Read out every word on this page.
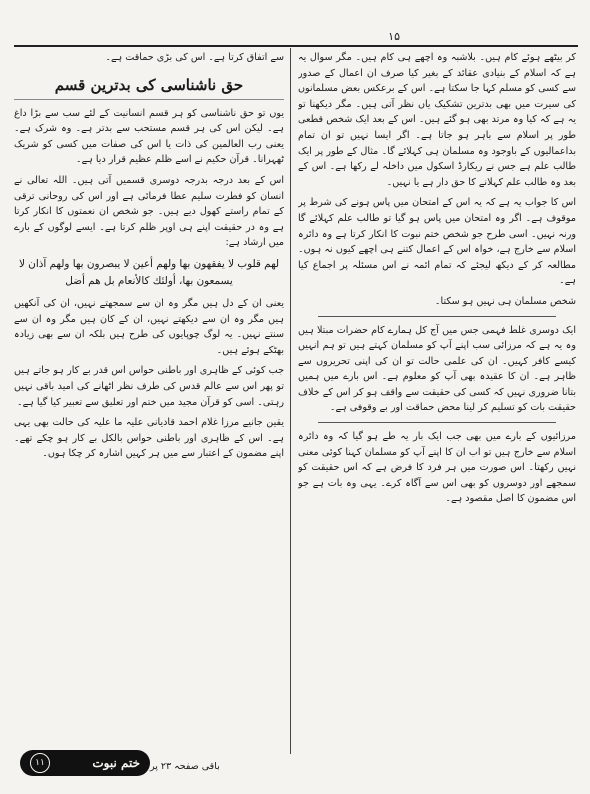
۱۵

کر بیٹھے ہوئے کام ہیں۔ بلاشبہ وہ اچھے ہی کام ہیں۔ مگر سوال یہ ہے کہ اسلام کے بنیادی عقائد کے بغیر کیا صرف ان اعمال کے صدور سے کسی کو مسلم کہا جا سکتا ہے۔ اس کے برعکس بعض مسلمانوں کی سیرت میں بھی بدترین تشکیک یاں نظر آتی ہیں۔ مگر دیکھنا تو یہ ہے کہ کیا وہ مرتد بھی ہو گئے ہیں۔ اس کے بعد ایک شخص قطعی طور پر اسلام سے باہر ہو جاتا ہے۔ اگر ایسا نہیں تو ان تمام بداعمالیوں کے باوجود وہ مسلمان ہی کہلائے گا۔ مثال کے طور پر ایک طالب علم ہے جس نے ریکارڈ اسکول میں داخلہ لے رکھا ہے۔ اس کے بعد وہ طالب علم کہلانے کا حق دار ہے یا نہیں۔

اس کا جواب یہ ہے کہ یہ اس کے امتحان میں پاس ہونے کی شرط پر موقوف ہے۔ اگر وہ امتحان میں پاس ہو گیا تو طالب علم کہلائے گا ورنہ نہیں۔ اسی طرح جو شخص ختم نبوت کا انکار کرتا ہے وہ دائرہ اسلام سے خارج ہے، خواہ اس کے اعمال کتنے ہی اچھے کیوں نہ ہوں۔ مطالعہ کر کے دیکھ لیجئے کہ تمام ائمہ نے اس مسئلہ پر اجماع کیا ہے۔

شخص مسلمان ہی نہیں ہو سکتا۔

ایک دوسری غلط فہمی جس میں آج کل ہمارے کام حضرات مبتلا ہیں وہ یہ ہے کہ مرزائی سب اپنے آپ کو مسلمان کہتے ہیں تو ہم انہیں کیسے کافر کہیں۔ ان کی علمی حالت تو ان کی اپنی تحریروں سے ظاہر ہے۔ ان کا عقیدہ بھی آپ کو معلوم ہے۔ اس بارے میں ہمیں بتانا ضروری نہیں کہ کسی کی حقیقت سے واقف ہو کر اس کے خلاف حقیقت بات کو تسلیم کر لینا محض حماقت اور بے وقوفی ہے۔

مرزائیوں کے بارے میں بھی جب ایک بار یہ طے ہو گیا کہ وہ دائرہ اسلام سے خارج ہیں تو اب ان کا اپنے آپ کو مسلمان کہنا کوئی معنی نہیں رکھتا۔ اس صورت میں ہر فرد کا فرض ہے کہ اس حقیقت کو سمجھے اور دوسروں کو بھی اس سے آگاہ کرے۔ یہی وہ بات ہے جو اس مضمون کا اصل مقصود ہے۔

سے اتفاق کرتا ہے۔ اس کی بڑی حماقت ہے۔

حق ناشناسی کی بدترین قسم

یوں تو حق ناشناسی کو ہر قسم انسانیت کے لئے سب سے بڑا داغ ہے۔ لیکن اس کی ہر قسم مستحب سے بدتر ہے۔ وہ شرک ہے۔ یعنی رب العالمین کی ذات یا اس کی صفات میں کسی کو شریک ٹھہرانا۔ قرآن حکیم نے اسے ظلم عظیم قرار دیا ہے۔

اس کے بعد درجہ بدرجہ دوسری قسمیں آتی ہیں۔ اللہ تعالی نے انسان کو فطرت سلیم عطا فرمائی ہے اور اس کی روحانی ترقی کے تمام راستے کھول دیے ہیں۔ جو شخص ان نعمتوں کا انکار کرتا ہے وہ در حقیقت اپنے ہی اوپر ظلم کرتا ہے۔ ایسے لوگوں کے بارے میں ارشاد ہے:

لهم قلوب لا يفقهون بها ولهم أعين لا يبصرون بها ولهم آذان لا يسمعون بها، أولئك كالأنعام بل هم أضل

یعنی ان کے دل ہیں مگر وہ ان سے سمجھتے نہیں، ان کی آنکھیں ہیں مگر وہ ان سے دیکھتے نہیں، ان کے کان ہیں مگر وہ ان سے سنتے نہیں۔ یہ لوگ چوپایوں کی طرح ہیں بلکہ ان سے بھی زیادہ بھٹکے ہوئے ہیں۔

جب کوئی کے ظاہری اور باطنی حواس اس قدر بے کار ہو جاتے ہیں تو پھر اس سے عالم قدس کی طرف نظر اٹھانے کی امید باقی نہیں رہتی۔ اسی کو قرآن مجید میں ختم اور تعلیق سے تعبیر کیا گیا ہے۔

یقین جانیے مرزا غلام احمد قادیانی علیہ ما علیہ کی حالت بھی یہی ہے۔ اس کے ظاہری اور باطنی حواس بالکل بے کار ہو چکے تھے۔ اپنے مضمون کے اعتبار سے میں ہر کہیں اشارہ کر چکا ہوں۔

باقی صفحہ ۲۳ پر
ختم نبوت
۱۱
